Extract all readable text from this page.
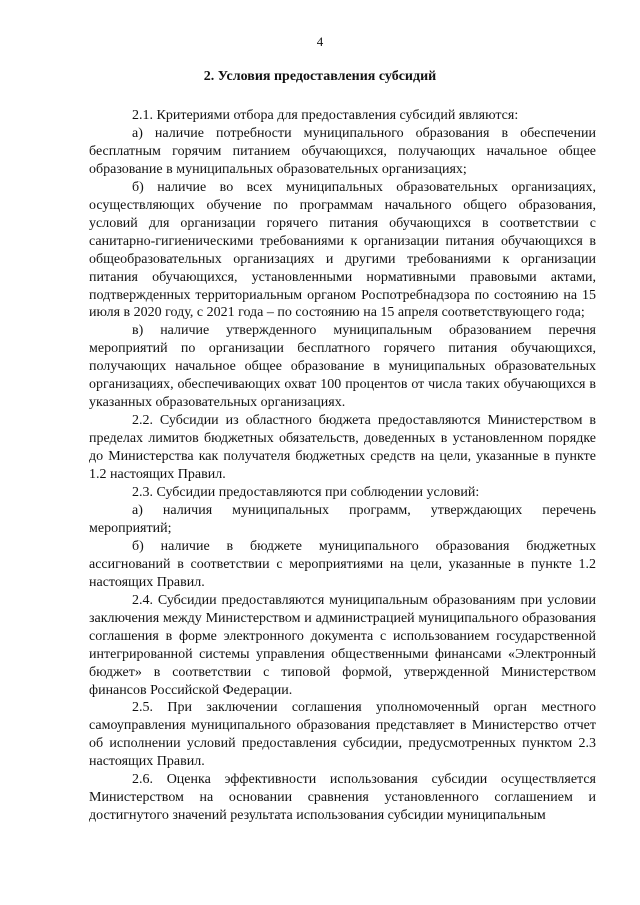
4
2. Условия предоставления субсидий

2.1. Критериями отбора для предоставления субсидий являются:

а) наличие потребности муниципального образования в обеспечении бесплатным горячим питанием обучающихся, получающих начальное общее образование в муниципальных образовательных организациях;

б) наличие во всех муниципальных образовательных организациях, осуществляющих обучение по программам начального общего образования, условий для организации горячего питания обучающихся в соответствии с санитарно-гигиеническими требованиями к организации питания обучающихся в общеобразовательных организациях и другими требованиями к организации питания обучающихся, установленными нормативными правовыми актами, подтвержденных территориальным органом Роспотребнадзора по состоянию на 15 июля в 2020 году, с 2021 года – по состоянию на 15 апреля соответствующего года;

в) наличие утвержденного муниципальным образованием перечня мероприятий по организации бесплатного горячего питания обучающихся, получающих начальное общее образование в муниципальных образовательных организациях, обеспечивающих охват 100 процентов от числа таких обучающихся в указанных образовательных организациях.

2.2. Субсидии из областного бюджета предоставляются Министерством в пределах лимитов бюджетных обязательств, доведенных в установленном порядке до Министерства как получателя бюджетных средств на цели, указанные в пункте 1.2 настоящих Правил.

2.3. Субсидии предоставляются при соблюдении условий:

а) наличия муниципальных программ, утверждающих перечень мероприятий;

б) наличие в бюджете муниципального образования бюджетных ассигнований в соответствии с мероприятиями на цели, указанные в пункте 1.2 настоящих Правил.

2.4. Субсидии предоставляются муниципальным образованиям при условии заключения между Министерством и администрацией муниципального образования соглашения в форме электронного документа с использованием государственной интегрированной системы управления общественными финансами «Электронный бюджет» в соответствии с типовой формой, утвержденной Министерством финансов Российской Федерации.

2.5. При заключении соглашения уполномоченный орган местного самоуправления муниципального образования представляет в Министерство отчет об исполнении условий предоставления субсидии, предусмотренных пунктом 2.3 настоящих Правил.

2.6. Оценка эффективности использования субсидии осуществляется Министерством на основании сравнения установленного соглашением и достигнутого значений результата использования субсидии муниципальным
